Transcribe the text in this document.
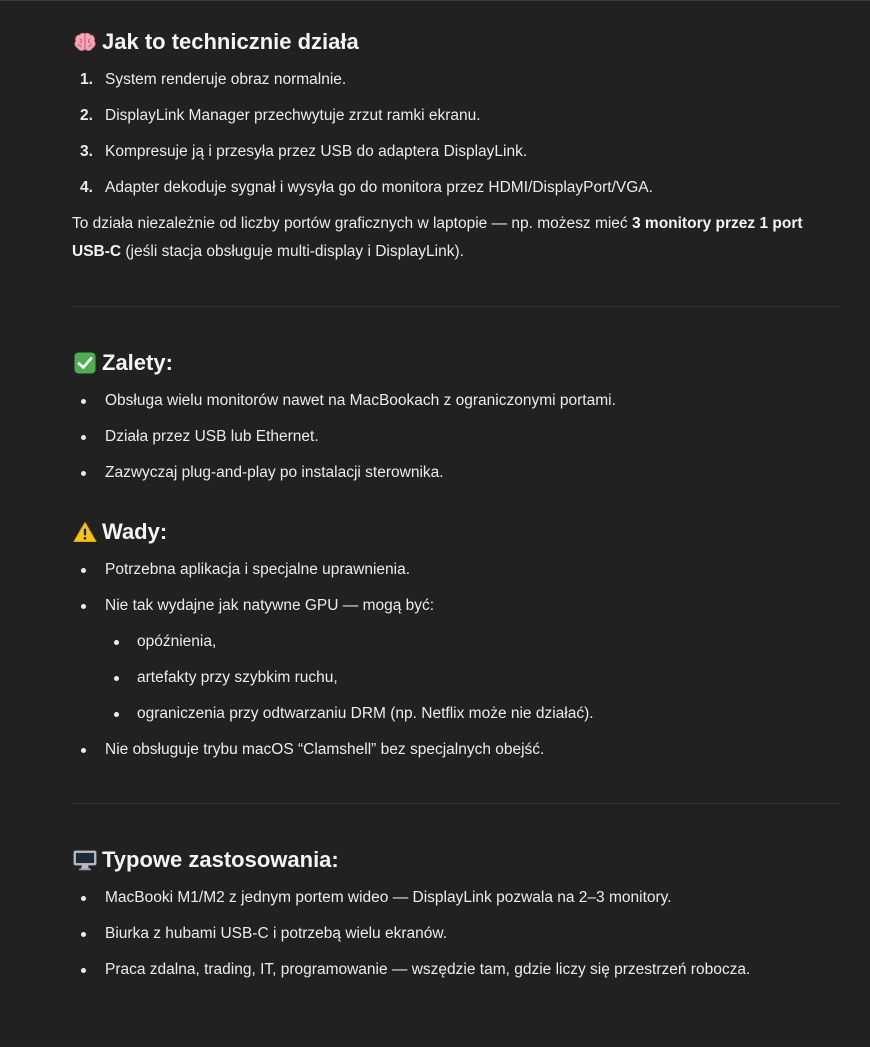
Jak to technicznie działa
1. System renderuje obraz normalnie.
2. DisplayLink Manager przechwytuje zrzut ramki ekranu.
3. Kompresuje ją i przesyła przez USB do adaptera DisplayLink.
4. Adapter dekoduje sygnał i wysyła go do monitora przez HDMI/DisplayPort/VGA.

To działa niezależnie od liczby portów graficznych w laptopie — np. możesz mieć 3 monitory przez 1 port USB-C (jeśli stacja obsługuje multi-display i DisplayLink).

Zalety:
Obsługa wielu monitorów nawet na MacBookach z ograniczonymi portami.
Działa przez USB lub Ethernet.
Zazwyczaj plug-and-play po instalacji sterownika.
Wady:
Potrzebna aplikacja i specjalne uprawnienia.
Nie tak wydajne jak natywne GPU — mogą być:
opóźnienia,
artefakty przy szybkim ruchu,
ograniczenia przy odtwarzaniu DRM (np. Netflix może nie działać).
Nie obsługuje trybu macOS “Clamshell” bez specjalnych obejść.
Typowe zastosowania:
MacBooki M1/M2 z jednym portem wideo — DisplayLink pozwala na 2–3 monitory.
Biurka z hubami USB-C i potrzebą wielu ekranów.
Praca zdalna, trading, IT, programowanie — wszędzie tam, gdzie liczy się przestrzeń robocza.
